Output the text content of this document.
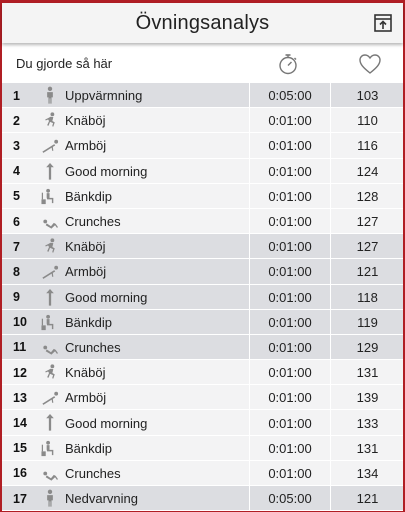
Övningsanalys
Du gjorde så här
1	Uppvärmning	0:05:00	103
2	Knäböj	0:01:00	110
3	Armböj	0:01:00	116
4	Good morning	0:01:00	124
5	Bänkdip	0:01:00	128
6	Crunches	0:01:00	127
7	Knäböj	0:01:00	127
8	Armböj	0:01:00	121
9	Good morning	0:01:00	118
10	Bänkdip	0:01:00	119
11	Crunches	0:01:00	129
12	Knäböj	0:01:00	131
13	Armböj	0:01:00	139
14	Good morning	0:01:00	133
15	Bänkdip	0:01:00	131
16	Crunches	0:01:00	134
17	Nedvarvning	0:05:00	121
